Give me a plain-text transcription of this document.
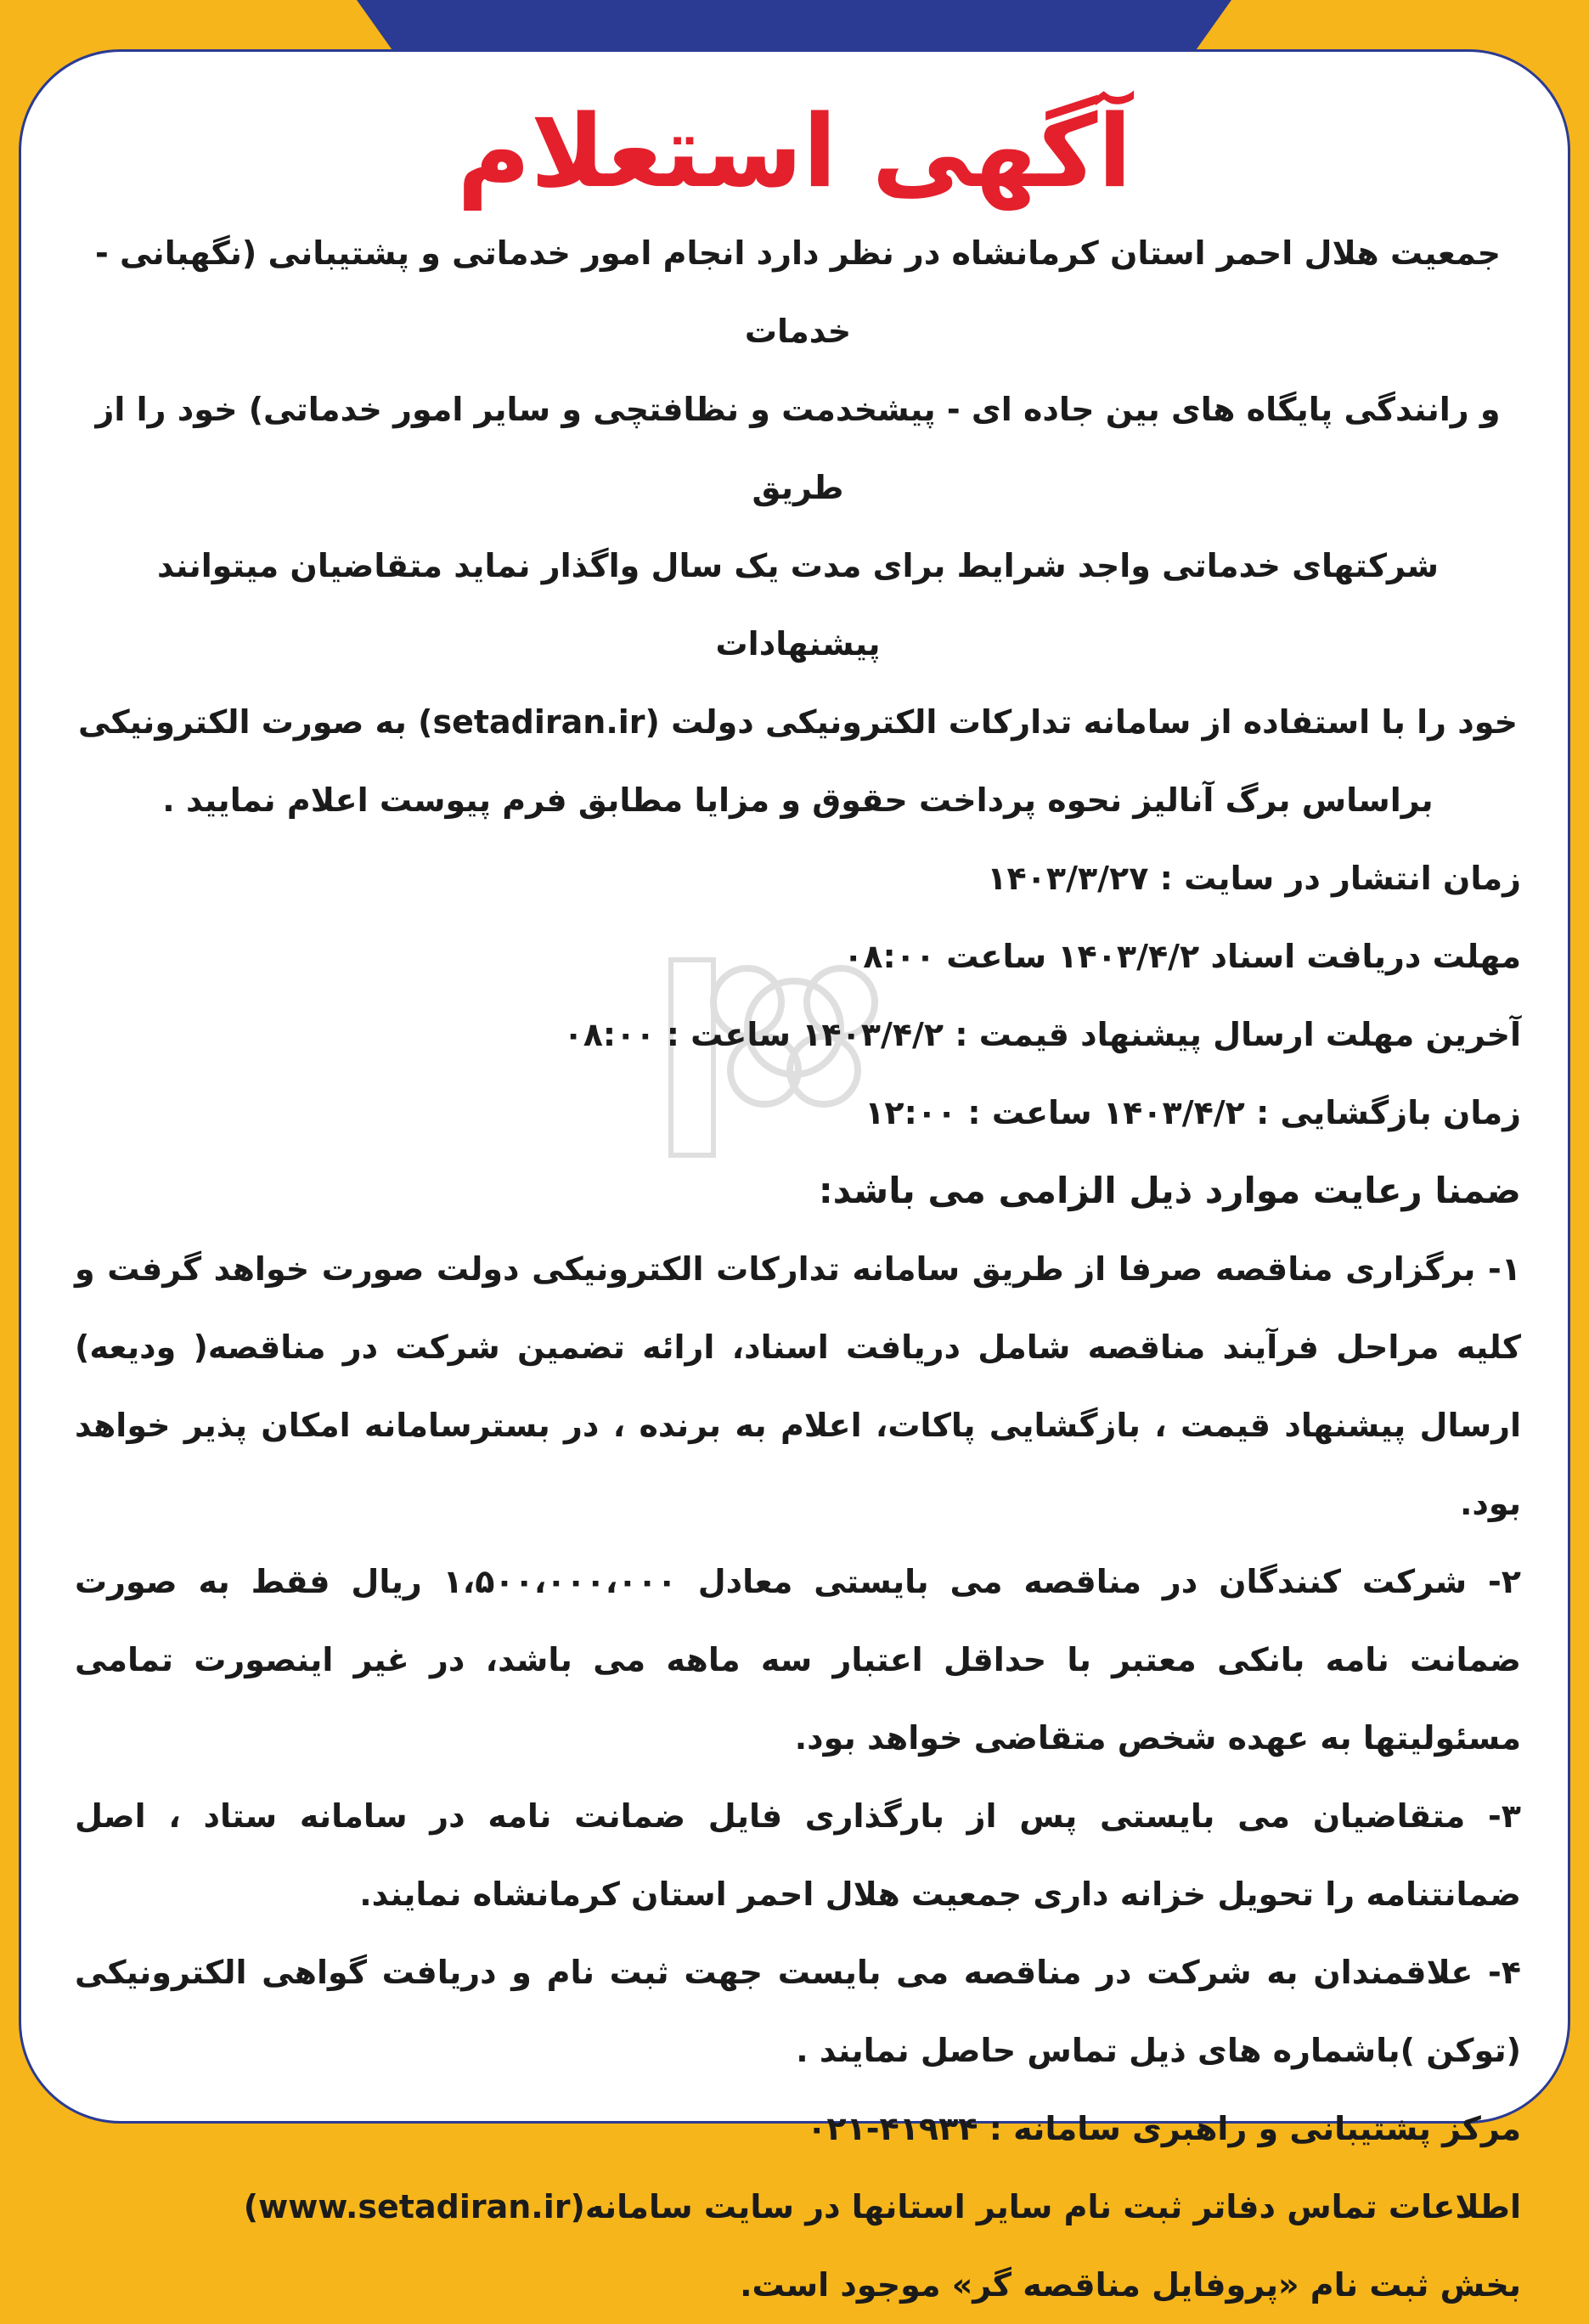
آگهی استعلام

جمعیت هلال احمر استان کرمانشاه در نظر دارد انجام امور خدماتی و پشتیبانی (نگهبانی - خدمات

و رانندگی پایگاه های بین جاده ای - پیشخدمت و نظافتچی و سایر امور خدماتی) خود را از طریق

شرکتهای خدماتی واجد شرایط برای مدت یک سال واگذار نماید متقاضیان میتوانند پیشنهادات

خود را با استفاده از سامانه تدارکات الکترونیکی دولت (setadiran.ir) به صورت الکترونیکی

براساس برگ آنالیز نحوه پرداخت حقوق و مزایا مطابق فرم پیوست اعلام نمایید .

زمان انتشار در سایت : ۱۴۰۳/۳/۲۷

مهلت دریافت اسناد ۱۴۰۳/۴/۲ ساعت ۰۸:۰۰

آخرین مهلت ارسال پیشنهاد قیمت : ۱۴۰۳/۴/۲ ساعت : ۰۸:۰۰

زمان بازگشایی : ۱۴۰۳/۴/۲ ساعت : ۱۲:۰۰

ضمنا رعایت موارد ذیل الزامی می باشد:

۱- برگزاری مناقصه صرفا از طریق سامانه تدارکات الکترونیکی دولت صورت خواهد گرفت و کلیه مراحل فرآیند مناقصه شامل دریافت اسناد، ارائه تضمین شرکت در مناقصه( ودیعه) ارسال پیشنهاد قیمت ، بازگشایی پاکات، اعلام به برنده ، در بسترسامانه امکان پذیر خواهد بود.

۲- شرکت کنندگان در مناقصه می بایستی معادل ۱،۵۰۰،۰۰۰،۰۰۰ ریال فقط به صورت ضمانت نامه بانکی معتبر با حداقل اعتبار سه ماهه می باشد، در غیر اینصورت تمامی مسئولیتها به عهده شخص متقاضی خواهد بود.

۳- متقاضیان می بایستی پس از بارگذاری فایل ضمانت نامه در سامانه ستاد ، اصل ضمانتنامه را تحویل خزانه داری جمعیت هلال احمر استان کرمانشاه نمایند.

۴- علاقمندان به شرکت در مناقصه می بایست جهت ثبت نام و دریافت گواهی الکترونیکی (توکن )باشماره های ذیل تماس حاصل نمایند .

مرکز پشتیبانی و راهبری سامانه : ۴۱۹۳۴-۰۲۱

اطلاعات تماس دفاتر ثبت نام سایر استانها در سایت سامانه(www.setadiran.ir)

بخش ثبت نام «پروفایل مناقصه گر» موجود است.
